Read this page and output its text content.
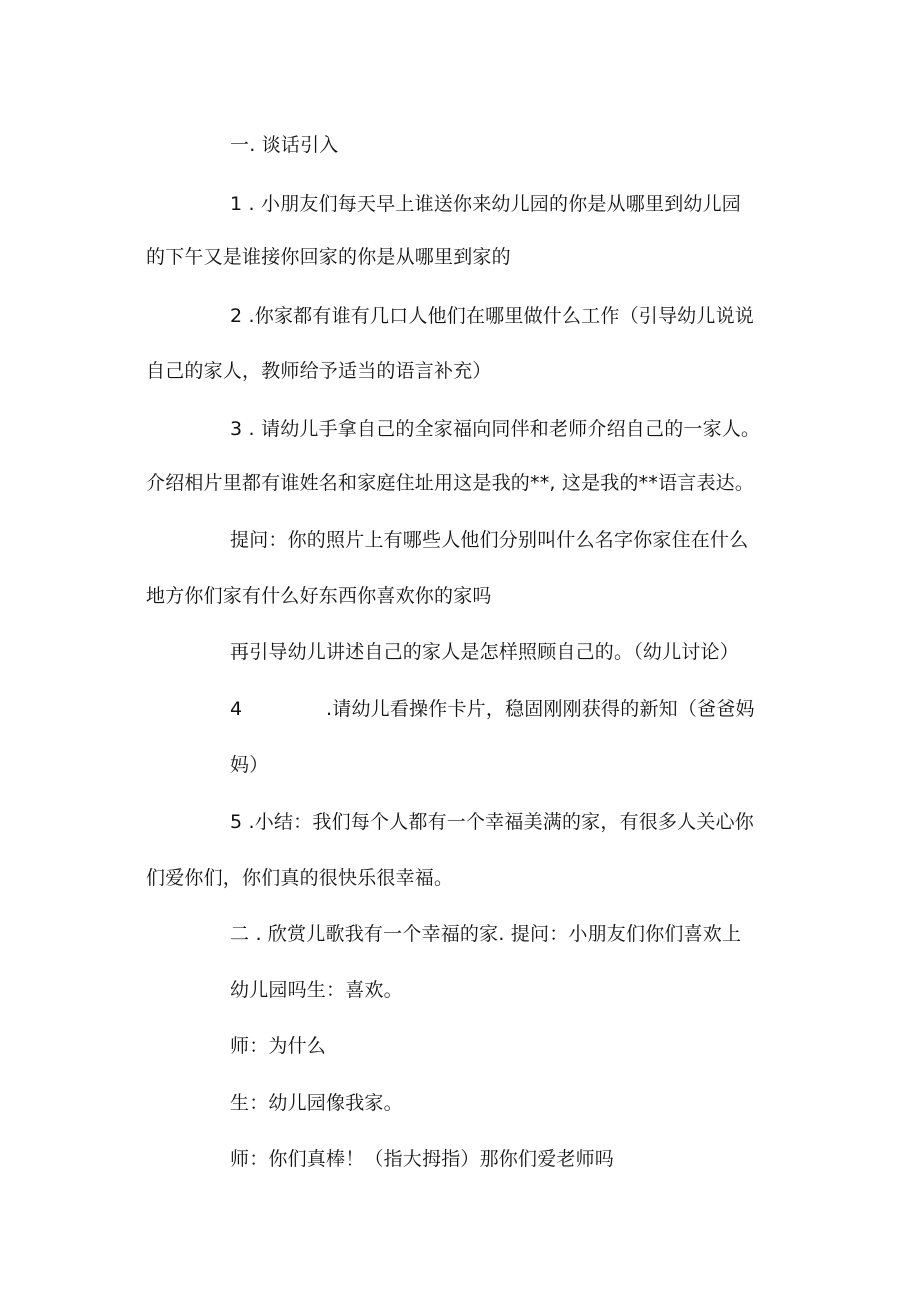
一. 谈话引入
1 . 小朋友们每天早上谁送你来幼儿园的你是从哪里到幼儿园
的下午又是谁接你回家的你是从哪里到家的
2 .你家都有谁有几口人他们在哪里做什么工作（引导幼儿说说
自己的家人，教师给予适当的语言补充）
3 . 请幼儿手拿自己的全家福向同伴和老师介绍自己的一家人。
介绍相片里都有谁姓名和家庭住址用这是我的**, 这是我的**语言表达。
提问：你的照片上有哪些人他们分别叫什么名字你家住在什么
地方你们家有什么好东西你喜欢你的家吗
再引导幼儿讲述自己的家人是怎样照顾自己的。（幼儿讨论）
4	.请幼儿看操作卡片，稳固刚刚获得的新知（爸爸妈
妈）
5 .小结：我们每个人都有一个幸福美满的家，有很多人关心你
们爱你们，你们真的很快乐很幸福。
二 . 欣赏儿歌我有一个幸福的家. 提问：小朋友们你们喜欢上
幼儿园吗生：喜欢。
师：为什么
生：幼儿园像我家。
师：你们真棒！（指大拇指）那你们爱老师吗
